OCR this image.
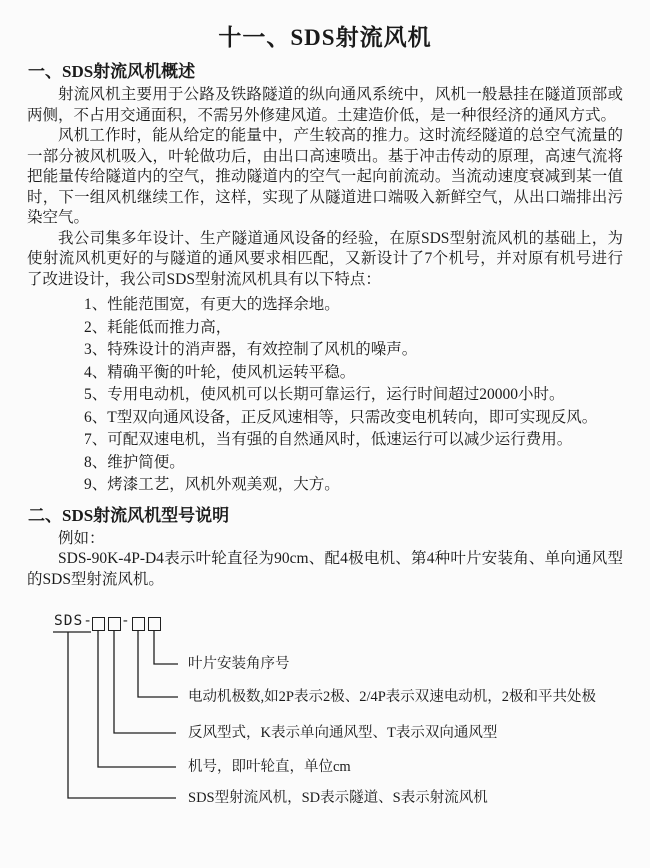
十一、SDS射流风机
一、SDS射流风机概述

射流风机主要用于公路及铁路隧道的纵向通风系统中，风机一般悬挂在隧道顶部或两侧，不占用交通面积，不需另外修建风道。土建造价低，是一种很经济的通风方式。

风机工作时，能从给定的能量中，产生较高的推力。这时流经隧道的总空气流量的一部分被风机吸入，叶轮做功后，由出口高速喷出。基于冲击传动的原理，高速气流将把能量传给隧道内的空气，推动隧道内的空气一起向前流动。当流动速度衰减到某一值时，下一组风机继续工作，这样，实现了从隧道进口端吸入新鲜空气，从出口端排出污染空气。

我公司集多年设计、生产隧道通风设备的经验，在原SDS型射流风机的基础上，为使射流风机更好的与隧道的通风要求相匹配，又新设计了7个机号，并对原有机号进行了改进设计，我公司SDS型射流风机具有以下特点：

1、性能范围宽，有更大的选择余地。
2、耗能低而推力高，
3、特殊设计的消声器，有效控制了风机的噪声。
4、精确平衡的叶轮，使风机运转平稳。
5、专用电动机，使风机可以长期可靠运行，运行时间超过20000小时。
6、T型双向通风设备，正反风速相等，只需改变电机转向，即可实现反风。
7、可配双速电机，当有强的自然通风时，低速运行可以减少运行费用。
8、维护简便。
9、烤漆工艺，风机外观美观，大方。
二、SDS射流风机型号说明

例如：

SDS-90K-4P-D4表示叶轮直径为90cm、配4极电机、第4种叶片安装角、单向通风型的SDS型射流风机。

SDS- -
叶片安装角序号
电动机极数,如2P表示2极、2/4P表示双速电动机，2极和平共处极
反风型式，K表示单向通风型、T表示双向通风型
机号，即叶轮直，单位cm
SDS型射流风机，SD表示隧道、S表示射流风机
